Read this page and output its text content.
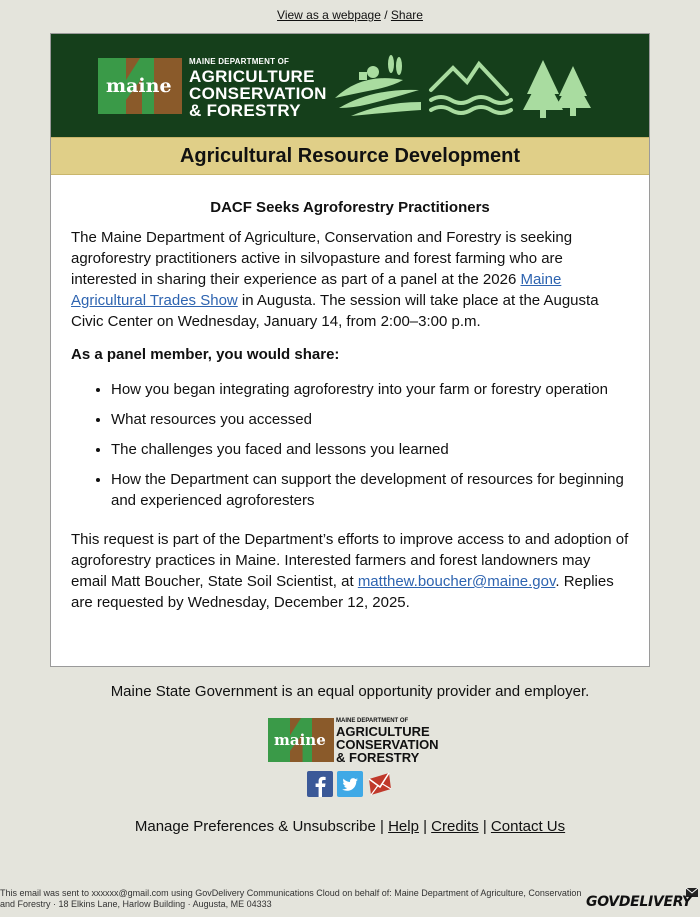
View as a webpage / Share
maine
MAINE DEPARTMENT OF
AGRICULTURE
CONSERVATION
& FORESTRY
Agricultural Resource Development
DACF Seeks Agroforestry Practitioners

The Maine Department of Agriculture, Conservation and Forestry is seeking agroforestry practitioners active in silvopasture and forest farming who are interested in sharing their experience as part of a panel at the 2026 Maine Agricultural Trades Show in Augusta. The session will take place at the Augusta Civic Center on Wednesday, January 14, from 2:00–3:00 p.m.

As a panel member, you would share:

• How you began integrating agroforestry into your farm or forestry operation
• What resources you accessed
• The challenges you faced and lessons you learned
• How the Department can support the development of resources for beginning and experienced agroforesters

This request is part of the Department’s efforts to improve access to and adoption of agroforestry practices in Maine. Interested farmers and forest landowners may email Matt Boucher, State Soil Scientist, at matthew.boucher@maine.gov. Replies are requested by Wednesday, December 12, 2025.

Maine State Government is an equal opportunity provider and employer.
maine
MAINE DEPARTMENT OF
AGRICULTURE
CONSERVATION
& FORESTRY
Manage Preferences & Unsubscribe | Help | Credits | Contact Us
This email was sent to xxxxxx@gmail.com using GovDelivery Communications Cloud on behalf of: Maine Department of Agriculture, Conservation and Forestry · 18 Elkins Lane, Harlow Building · Augusta, ME 04333	GOVDELIVERY
